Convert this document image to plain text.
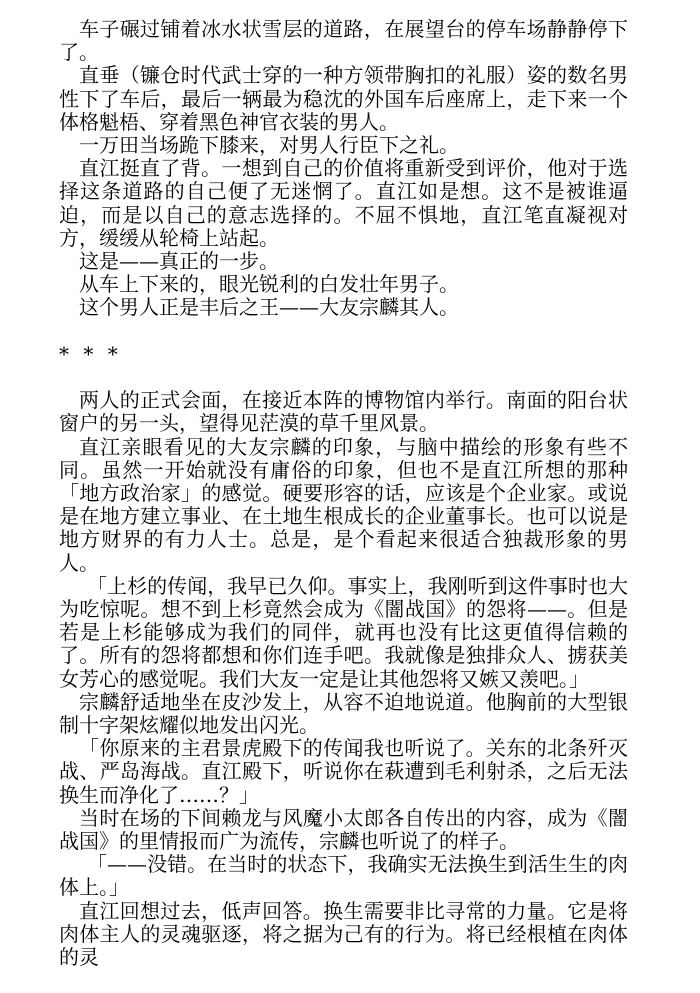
车子碾过铺着冰水状雪层的道路，在展望台的停车场静静停下了。

直垂（镰仓时代武士穿的一种方领带胸扣的礼服）姿的数名男性下了车后，最后一辆最为稳沈的外国车后座席上，走下来一个体格魁梧、穿着黑色神官衣装的男人。

一万田当场跪下膝来，对男人行臣下之礼。

直江挺直了背。一想到自己的价值将重新受到评价，他对于选择这条道路的自己便了无迷惘了。直江如是想。这不是被谁逼迫，而是以自己的意志选择的。不屈不惧地，直江笔直凝视对方，缓缓从轮椅上站起。

这是——真正的一步。

从车上下来的，眼光锐利的白发壮年男子。

这个男人正是丰后之王——大友宗麟其人。

* * *

两人的正式会面，在接近本阵的博物馆内举行。南面的阳台状窗户的另一头，望得见茫漠的草千里风景。

直江亲眼看见的大友宗麟的印象，与脑中描绘的形象有些不同。虽然一开始就没有庸俗的印象，但也不是直江所想的那种「地方政治家」的感觉。硬要形容的话，应该是个企业家。或说是在地方建立事业、在土地生根成长的企业董事长。也可以说是地方财界的有力人士。总是，是个看起来很适合独裁形象的男人。

「上杉的传闻，我早已久仰。事实上，我刚听到这件事时也大为吃惊呢。想不到上杉竟然会成为《闇战国》的怨将——。但是若是上杉能够成为我们的同伴，就再也没有比这更值得信赖的了。所有的怨将都想和你们连手吧。我就像是独排众人、掳获美女芳心的感觉呢。我们大友一定是让其他怨将又嫉又羡吧。」

宗麟舒适地坐在皮沙发上，从容不迫地说道。他胸前的大型银制十字架炫耀似地发出闪光。

「你原来的主君景虎殿下的传闻我也听说了。关东的北条歼灭战、严岛海战。直江殿下，听说你在萩遭到毛利射杀，之后无法换生而净化了……？」

当时在场的下间赖龙与风魔小太郎各自传出的内容，成为《闇战国》的里情报而广为流传，宗麟也听说了的样子。

「——没错。在当时的状态下，我确实无法换生到活生生的肉体上。」

直江回想过去，低声回答。换生需要非比寻常的力量。它是将肉体主人的灵魂驱逐，将之据为己有的行为。将已经根植在肉体的灵
